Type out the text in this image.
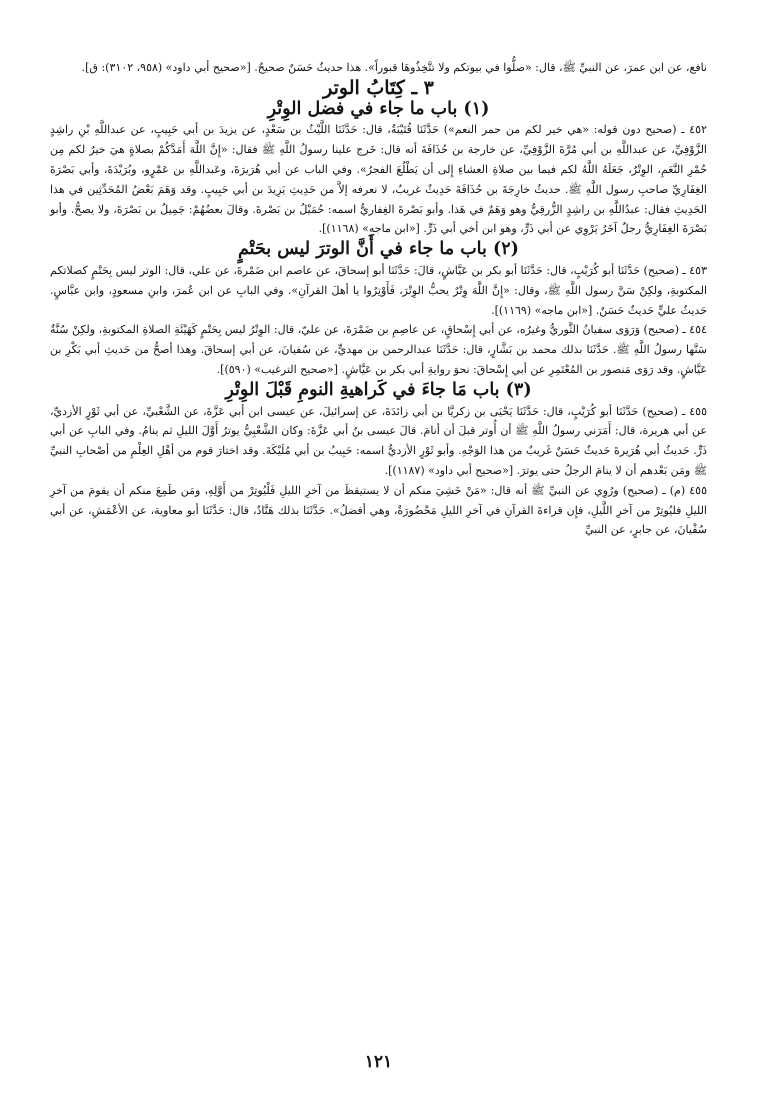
نافع، عن ابن عمرَ، عن النبيِّ ﷺ، قال: «صلُّوا في بيوتكم ولا تتَّخِذُوهَا قبوراً». هذا حديثٌ حَسَنٌ صحيحٌ. [«صحيح أبي داود» (٩٥٨، ٣١٠٢): ق].

٣ ـ كِتَابُ الوتر
(١) باب ما جاء في فضل الوِتْرِ

٤٥٢ ـ (صحيح دون قوله: «هي خير لكم من حمر النعم») حَدَّثَنَا قُتَيْبَةُ، قال: حَدَّثَنَا اللَّيْثُ بن سَعْدٍ، عن يزيدَ بن أبي حَبِيبٍ، عن عبداللَّهِ بْنِ راشِدٍ الزَّوْفِيِّ، عن عبداللَّهِ بن أبي مُرَّةَ الزَّوْفِيِّ، عن خارجة بن حُذَافَةَ أنه قال: خَرج علينا رسولُ اللَّهِ ﷺ فقال: «إِنَّ اللَّهَ أَمَدَّكُمْ بصلاةٍ هيَ خيرٌ لكم مِن حُمْرِ النَّعَمِ، الوِتْرُ، جَعَلَهُ اللَّهُ لكم فيما بين صلاةِ العشاءِ إِلى أن يَطْلُعَ الفجرُ». وفي الباب عن أبي هُرَيرَةَ، وعَبداللَّهِ بن عَمْرٍو، وبُرَيْدَةَ، وأبي بَصْرَةَ الغِفَارِيِّ صاحبِ رسول اللَّهِ ﷺ. حديثُ خارِجَةَ بن حُذَافَةَ حَدِيثٌ غريبٌ، لا نعرفه إلاَّ من حَدِيثِ يَزِيدَ بن أبي حَبِيبٍ. وقد وَهَمَ بَعْضُ المُحَدِّثِين في هذا الحَدِيثِ فقال: عبدُاللَّهِ بن راشِدٍ الزُّرقِيُّ وهو وَهَمٌ في هَذا. وأبو بَصْرةَ الغِفاريُّ اسمه: حُمَيْلُ بن بَصْرةَ. وقالَ بعضُهُمْ: جَمِيلُ بن بَصْرَةَ، ولا يصحُّ. وأبو بَصْرَةَ الغِفَارِيُّ رجلٌ آخَرُ يَرْوِي عن أبي ذَرٍّ، وهو ابن أخي أبي ذَرٍّ. [«ابن ماجه» (١١٦٨)].

(٢) باب ما جاء في أَنَّ الوترَ ليس بحَتْمٍ

٤٥٣ ـ (صحيح) حَدَّثَنَا أبو كُرَيْبٍ، قال: حَدَّثَنَا أبو بكر بن عَيَّاشٍ، قالَ: حَدَّثَنَا أبو إسحاقَ، عن عاصم ابن ضَمْرةَ، عن علي، قال: الوتر ليس بِحَتْمٍ كصلاتكم المكتوبةِ، ولكِنْ سَنَّ رسول اللَّهِ ﷺ، وقال: «إِنَّ اللَّهَ وِتْرٌ يحبُّ الوِتْرَ، فَأَوْتِرُوا يا أهلَ القرآنِ». وفي البابِ عن ابن عُمرَ، وابنِ مسعودٍ، وابن عبَّاسٍ. حَديثُ عليٍّ حَديثٌ حَسَنٌ. [«ابن ماجه» (١١٦٩)].

٤٥٤ ـ (صحيح) وَرَوَى سفيانُ الثَّوريُّ وغيرُه، عن أبي إِسْحاقٍ، عن عاصِمِ بن ضَمْرَةَ، عن عليّ، قال: الوِتْرُ ليس بِحَتْمٍ كَهَيْئَةِ الصلاةِ المكتوبةِ، ولكِنْ سُنَّةٌ سَنَّها رسولُ اللَّهِ ﷺ. حَدَّثَنَا بذلك محمد بن بَشَّارٍ، قال: حَدَّثَنَا عبدالرحمن بن مهديٍّ، عن سُفيانَ، عن أبي إسحاقَ. وهذا أصحُّ من حَديثِ أبي بَكْرِ بن عَيَّاشٍ. وقد رَوَى مَنصور بن المُعْتَمِرِ عن أبي إِسْحاقَ: نحوَ روايةِ أبي بكر بن عَيَّاشٍ. [«صحيح الترغيب» (٥٩٠)].

(٣) باب مَا جاءَ في كَراهيةِ النومِ قَبْلَ الوِتْرِ

٤٥٥ ـ (صحيح) حَدَّثَنَا أبو كُرَيْبٍ، قال: حَدَّثَنَا يَحْيَى بن زكريَّا بن أبي زائدَةَ، عن إسرائيلَ، عن عيسى ابن أبي عَزَّةَ، عن الشَّعْبيِّ، عن أبي ثَوْرٍ الأزديِّ، عن أبي هريرة، قال: أَمَرَني رسولُ اللَّهِ ﷺ أن أُوتر قبلَ أن أنامَ. قالَ عيسى بنُ أبي عَزَّةَ: وكان الشَّعْبِيُّ يوترُ أَوَّلَ الليلِ ثم ينامُ. وفي البابِ عن أبي ذَرٍّ. حَديثُ أبي هُرَيرةَ حَديثٌ حَسَنٌ غَريبٌ من هذا الوَجْهِ. وأبو ثَوْرٍ الأزديُّ اسمه: حَبِيبُ بن أبي مُلَيْكَةَ. وقد اختارَ قوم من أهْلِ العِلْمِ من أصْحابِ النبيِّ ﷺ ومَن بَعْدهم أن لا ينامَ الرجلُ حتى يوترَ. [«صحيح أبي داود» (١١٨٧)].

٤٥٥ (م) ـ (صحيح) ورُوِي عن النبيِّ ﷺ أنه قال: «مَنْ خَشِيَ منكم أن لا يستيقظَ من آخرِ الليلِ فَلْيُوتِرْ من أَوَّلِهِ، ومَن طَمِعَ منكم أن يقومَ من آخرِ الليلِ فليُوتِرْ من آخرِ اللَّيلِ، فإِن قراءةَ القرآنِ في آخرِ الليلِ مَحْضُورَةٌ، وهي أفضلُ». حَدَّثَنَا بذلك هَنَّادٌ، قال: حَدَّثَنَا أبو معاوية، عن الأعْمَشِ، عن أبي سُفْيانَ، عن جابرٍ، عن النبيِّ

١٢١
